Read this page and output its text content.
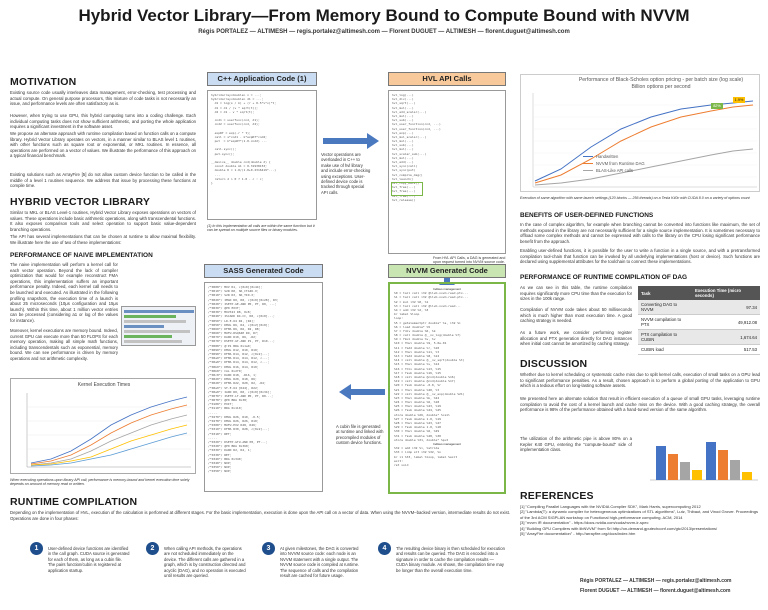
Hybrid Vector Library—From Memory Bound to Compute Bound with NVVM
Régis PORTALEZ — ALTIMESH — regis.portalez@altimesh.com — Florent DUGUET — ALTIMESH — florent.duguet@altimesh.com
MOTIVATION
Existing source code usually interleaves data management, error-checking, test processing and actual compute. On general purpose processors, this mixture of code tasks is not necessarily an issue, and performance levels are often satisfactory as is.
However, when trying to use GPU, this hybrid computing turns into a coding challenge. Each individual computing tasks does not show sufficient arithmetic, and porting the whole application requires a significant investment in the software asset.
We propose an alternate approach with runtime compilation based on function calls on a compute library. Hybrid Vector Library operates on vectors, in a manner similar to BLAS level 1 routines, with other functions such as square root or exponential, or MKL routines. In essence, all operations are performed on a vector of values. We illustrate the performance of this approach on a typical financial benchmark.
Existing solutions such as ArrayFire [5] do not allow custom device function to be called in the middle of a level 1 routines sequence. We address that issue by processing these functions at compile time.
HYBRID VECTOR LIBRARY
Similar to MKL or BLAS Level-1 routines, Hybrid Vector Library exposes operations on vectors of values. These operations include basic arithmetic operations, along with transcendental functions. It also exposes comparison tools and select operation to support basic value-dependent branching operations.
The API has several implementations that can be chosen at runtime to allow maximal flexibility. We illustrate here the use of two of these implementations:
PERFORMANCE OF NAIVE IMPLEMENTATION
The naive implementation will perform a kernel call for each vector operation. Beyond the lack of compiler optimization that would for example reconstruct FMA operations, this implementation suffers an important performance penalty. Indeed, each kernel call needs to be launched and executed. As illustrated in the following profiling snapshots, the execution time of a launch is about 25 microseconds (10μs configuration and 15μs launch). Within this time, about 1 million vector entries can be processed (considering a1 or log of the values for instance).
Moreover, kernel executions are memory bound. Indeed, current GPU can execute more than 50 FLOPS for each memory operation, making all simple math functions, including transcendentals such as exponential, memory bound. We can see performance is driven by memory operations and not arithmetic complexity.
Kernel Execution Times
When executing operations upon library API call, performance is memory-bound and kernel execution time solely depends on amount of memory read or written.
RUNTIME COMPILATION
Depending on the implementation of HVL, execution of the calculation is performed at different stages. For the basic implementation, execution is done upon the API call on a vector of data. When using the NVVM–backed version, intermediate results do not exist. Operations are done in four phases:
1	User-defined device functions are identified in the call graph. CUDA source is generated for each of them, as long as a cubin file. The pairs function/cubin is registered at application startup.
2	When calling API methods, the operations are not scheduled immediately on the device. The different calls are gathered in a graph, which is by construction directed and acyclic (DAG), and no operation is executed until results are queried.
3	At given milestones, the DAG is converted into NVVM source code: each node is an NVVM statement with a single output. The NVVM source code is compiled at runtime. The sequence of calls and the compilation result are cached for future usage.
4	The resulting device binary is then scheduled for execution and results can be queried. The DAG is encoded into a signature in order to cache the compilation results — CUDA binary module. As shown, the compilation time may be longer than the overall execution time.
C++ Application Code (1)	HVL API Calls
hybridarray<double> x = ...;
hybridarray<double> d1 = ...;
d1 = log(s / k) + (r + 0.5*v*v)*t;
d1 = d1 / (v * sqrt(t));
d2 = d1 - v * sqrt(t);

cnd1 = userfunc(cnd, d1);
cnd2 = userfunc(cnd, d2);

expRT = exp(-r * t);
call = s*cnd1 - k*expRT*cnd2;
put  = k*expRT*(1.0-cnd2) ...

call.sync();
put.sync();

__device__ double cnd(double d) {
const double A1 = 0.31938153;
double K = 1.0/(1.0+0.2316419*...)
...
return d > 0 ? 1.0 - c : c;
}
(1) In this implementation all calls are within the same function but it can be spread on multiple source files or binary modules.
Vector operations are overloaded in C++ to make use of hvl library and include error-checking using exceptions. User-defined device code is tracked through special API calls.
hvl_log(...)
hvl_div(...)
hvl_sqrt(...)
hvl_mul(...)
hvl_add_scalar(...)
hvl_mul(...)
hvl_sub(...)
hvl_user_function(cnd, ...)
hvl_user_function(cnd, ...)
hvl_exp(...)
hvl_mul_scalar(...)
hvl_mul(...)
hvl_sub(...)
hvl_mul(...)
hvl_scalar_sub(...)
hvl_mul(...)
hvl_add(...)
hvl_sync(call)
hvl_sync(put)
hvl_compile_dag()
hvl_launch()
hvl_copy_back()
hvl_free(...)
hvl_free(...)
hvl_free(...)
hvl_release()
From HVL API Calls, a DAG is generated and upon request turned into NVVM source code.
SASS Generated Code	NVVM Generated Code
/*0008*/ MOV R1, c[0x0][0x44];
/*0010*/ S2R R0, SR_CTAID.X;
/*0018*/ S2R R3, SR_TID.X;
/*0020*/ IMAD R0, R0, c[0x0][0x28], R3;
/*0028*/ ISETP.GE.AND P0, PT, R0, ...;
/*0030*/ @P0 EXIT;
/*0038*/ MOV32I R8, 0x8;
/*0048*/ ISCADD R4.CC, R0, c[0x0]...;
/*0050*/ LD.E.64 R2, [R4];
/*0058*/ DMUL R6, R2, c[0x2][0x0];
/*0060*/ DFMA R6, R6, R2, R8;
/*0068*/ MUFU.RSQ64H R9, R7;
/*0070*/ DADD R10, R6, -R2;
/*0078*/ DSETP.GT.AND P1, PT, R10...;
/*0088*/ @!P1 BRA 0x1a0;
/*0090*/ DMUL R12, R10, R10;
/*0098*/ DFMA R14, R12, c[0x2]...;
/*00a0*/ DFMA R14, R14, R12, c...;
/*00a8*/ DFMA R14, R14, R12, c...;
/*00b0*/ DMUL R16, R14, R10;
/*00b8*/ CAL 0x2f0;
/*00c8*/ DADD R18, -R16, 1;
/*00d0*/ DMUL R20, R18, R6;
/*00d8*/ DFMA R22, R20, R2, -R4;
/*00e0*/ ST.E.64 [R24], R22;
/*00e8*/ IADD R0, R0, c[0x0][0x34];
/*00f0*/ ISETP.LT.AND P0, PT, R0...;
/*00f8*/ @P0 BRA 0x38;
/*0108*/ EXIT;
/*0110*/ BRA 0x110;
.....
/*02f0*/ DMUL R26, R10, -0.5;
/*02f8*/ DMUL R26, R26, R10;
/*0308*/ MUFU.EX2 R28, R26;
/*0310*/ DFMA R30, R28, c[0x2]...;
/*0318*/ RET;
.....
/*0320*/ DSETP.GTU.AND P0, PT...;
/*0328*/ @P0 BRA 0x360;
/*0330*/ DADD R2, R2, 1;
/*0338*/ RET;
/*0340*/ BRA 0x340;
/*0348*/ NOP;
/*0350*/ NOP;
/*0358*/ NOP;
A cubin file is generated at runtime and linked with precompiled modules of custom device functions.
Indices management
%0 = tail call i32 @llvm.nvvm.read.ptx...
%1 = tail call i32 @llvm.nvvm.read.ptx...
%2 = mul i32 %0, %1
%3 = tail call i32 @llvm.nvvm.read...
%4 = add i32 %2, %3
br label %loop
loop:
%5 = getelementptr double* %s, i32 %i
%6 = load double* %5
%7 = fdiv double %6, %k
%8 = call double @__nv_log(double %7)
%9 = fmul double %v, %v
%10 = fmul double %9, 5.0e-01
%11 = fadd double %r, %10
%12 = fmul double %11, %t
%13 = fadd double %8, %12
%14 = call double @__nv_sqrt(double %t)
%15 = fmul double %v, %14
%16 = fdiv double %13, %15
%17 = fsub double %16, %15
%18 = call double @cnd(double %16)
%19 = call double @cnd(double %17)
%20 = fsub double -0.0, %r
%21 = fmul double %20, %t
%22 = call double @__nv_exp(double %21)
%23 = fmul double %k, %22
%24 = fmul double %6, %18
%25 = fmul double %23, %19
%26 = fsub double %24, %25
store double %26, double* %call
%27 = fsub double 1.0, %19
%28 = fmul double %23, %27
%29 = fsub double 1.0, %18
%30 = fmul double %6, %29
%31 = fsub double %28, %30
store double %31, double* %put
Indices management
%32 = add i32 %i, %stride
%33 = icmp slt i32 %32, %n
br i1 %33, label %loop, label %exit
exit:
ret void
Performance of Black-Scholes option pricing - per batch size (log scale)
Billion options per second
82%
1.9%
Handwritten
NVVM from Runtime DAG
BLAS-Like API calls
Execution of same algorithm with same launch settings (120 blocks — 256 threads) on a Tesla K40c with CUDA 8.0 on a variety of options count
BENEFITS OF USER-DEFINED FUNCTIONS
In the case of complex algorithm, for example when branching cannot be converted into functions like maximum, the set of methods exposed in the library are not necessarily sufficient for a single source implementation. It is sometimes necessary to offload some complex methods and cannot be expressed with calls to the library on the CPU losing significant performance benefit from the approach.
Enabling user-defined functions, it is possible for the user to write a function in a single source, and with a pretransformed compilation tool-chain that function can be invoked by all underlying implementations (host or device). Such functions are declared using supplemental attributes for the toolchain to connect these implementations.
PERFORMANCE OF RUNTIME COMPILATION OF DAG
As we can see in this table, the runtime compilation requires significantly more CPU time than the execution for sizes in the 100k range.
Compilation of NVVM code takes about 50 milliseconds which is much higher than most execution time. A good caching strategy is needed.
As a future work, we consider performing register allocation and PTX generation directly for DAG instances when initial cost cannot be amortized by caching strategy.
Task	Execution Time (micro seconds)
Converting DAG to NVVM	97.34
NVVM compilation to PTX	49,912.08
PTX compilation to CUBIN	1,674.64
CUBIN load	517.53
DISCUSSION
Whether due to kernel scheduling or systematic cache miss due to split kernel calls, execution of small tasks on a GPU lead to significant performance penalties. As a result, chosen approach is to perform a global porting of the application to GPU which is a tedious effort on long-lasting software assets.
We presented here an alternate solution that result in efficient execution of a queue of small GPU tasks, leveraging runtime compilation to avoid the cost of a kernel launch and cache miss on the device. With a good caching strategy, the overall performance is 98% of the performance obtained with a hand-tuned version of the same algorithm.
The utilization of the arithmetic pipe is above 80% on a Kepler K40 GPU, entering the "compute-bound" side of implementation class.
REFERENCES
[1] "Compiling Parallel Languages with the NVIDIA Compiler SDK", Mark Harris, supercomputing 2012
[2] "Lambda(T): a dynamic compiler for heterogeneous optimizations of STL algorithms", Lutz, Thibaut, and Vinod Grover. Proceedings of the 3rd ACM SIGPLAN workshop on Functional high-performance computing. ACM, 2014
[3] "nvvm IR documentation" - https://docs.nvidia.com/cuda/nvvm-ir-spec
[4] "Building GPU Compilers with libNVVM" from Sri http://on-demand.gputechconf.com/gtc/2013/presentations/
[5] "ArrayFire documentation" - http://arrayfire.org/docs/index.htm
Régis PORTALEZ — ALTIMESH — regis.portalez@altimesh.com
Florent DUGUET — ALTIMESH — florent.duguet@altimesh.com
